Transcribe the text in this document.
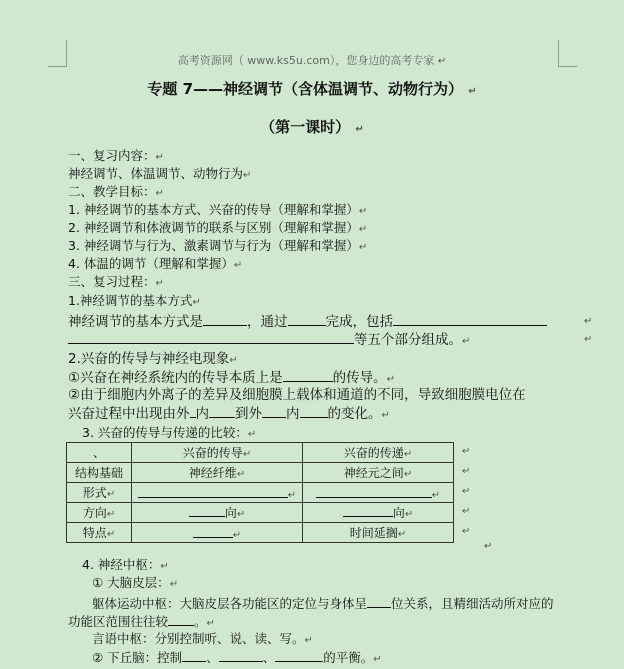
高考资源网（ www.ks5u.com），您身边的高考专家 ↵
专题 7——神经调节（含体温调节、动物行为） ↵
（第一课时） ↵
一、复习内容：↵
神经调节、体温调节、动物行为↵
二、教学目标：↵
1. 神经调节的基本方式、兴奋的传导（理解和掌握）↵
2. 神经调节和体液调节的联系与区别（理解和掌握）↵
3. 神经调节与行为、激素调节与行为（理解和掌握）↵
4. 体温的调节（理解和掌握）↵
三、复习过程：↵
1.神经调节的基本方式↵
神经调节的基本方式是	，通过	完成，包括	↵
等五个部分组成。↵	↵
2.兴奋的传导与神经电现象↵
①兴奋在神经系统内的传导本质上是	的传导。↵
②由于细胞内外离子的差异及细胞膜上载体和通道的不同，导致细胞膜电位在
兴奋过程中出现由外 内 到外 内 的变化。↵
3. 兴奋的传导与传递的比较：↵
、	兴奋的传导↵	兴奋的传递↵
结构基础	神经纤维↵	神经元之间↵
形式↵	↵	↵
方向↵	向↵	向↵
特点↵	↵	时间延搁↵
↵
↵
↵
↵
↵
↵
4. 神经中枢：↵
① 大脑皮层：↵
躯体运动中枢：大脑皮层各功能区的定位与身体呈 位关系，且精细活动所对应的
功能区范围往往较 。↵
言语中枢：分别控制听、说、读、写。↵
② 下丘脑：控制 、	、	的平衡。↵
